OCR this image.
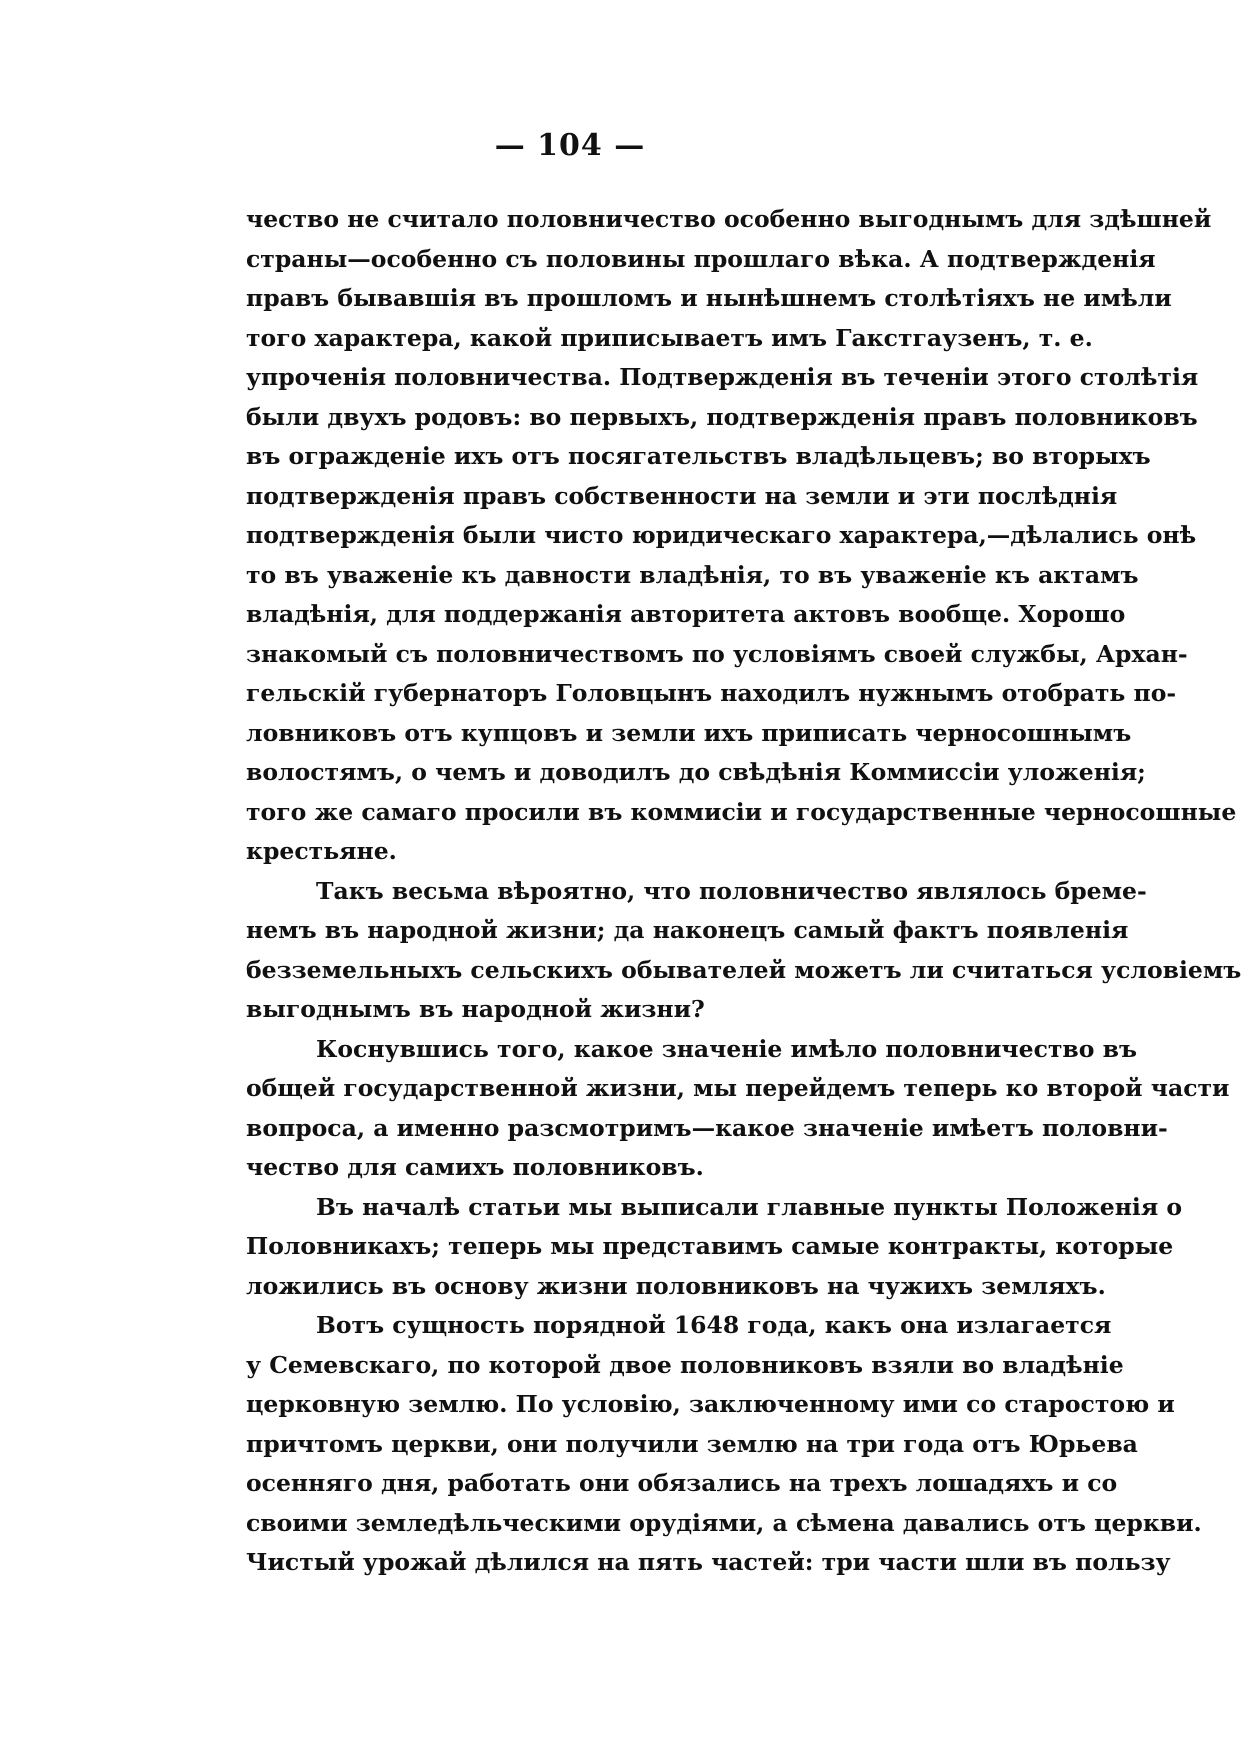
— 104 —

чество не считало половничество особенно выгоднымъ для здѣшней
страны—особенно съ половины прошлаго вѣка. А подтвержденія
правъ бывавшія въ прошломъ и нынѣшнемъ столѣтіяхъ не имѣли
того характера, какой приписываетъ имъ Гакстгаузенъ, т. е.
упроченія половничества. Подтвержденія въ теченіи этого столѣтія
были двухъ родовъ: во первыхъ, подтвержденія правъ половниковъ
въ огражденіе ихъ отъ посягательствъ владѣльцевъ; во вторыхъ
подтвержденія правъ собственности на земли и эти послѣднія
подтвержденія были чисто юридическаго характера,—дѣлались онѣ
то въ уваженіе къ давности владѣнія, то въ уваженіе къ актамъ
владѣнія, для поддержанія авторитета актовъ вообще. Хорошо
знакомый съ половничествомъ по условіямъ своей службы, Архан-
гельскій губернаторъ Головцынъ находилъ нужнымъ отобрать по-
ловниковъ отъ купцовъ и земли ихъ приписать черносошнымъ
волостямъ, о чемъ и доводилъ до свѣдѣнія Коммиссіи уложенія;
того же самаго просили въ коммисіи и государственные черносошные
крестьяне.

Такъ весьма вѣроятно, что половничество являлось бреме-
немъ въ народной жизни; да наконецъ самый фактъ появленія
безземельныхъ сельскихъ обывателей можетъ ли считаться условіемъ
выгоднымъ въ народной жизни?

Коснувшись того, какое значеніе имѣло половничество въ
общей государственной жизни, мы перейдемъ теперь ко второй части
вопроса, а именно разсмотримъ—какое значеніе имѣетъ половни-
чество для самихъ половниковъ.

Въ началѣ статьи мы выписали главные пункты Положенія о
Половникахъ; теперь мы представимъ самые контракты, которые
ложились въ основу жизни половниковъ на чужихъ земляхъ.

Вотъ сущность порядной 1648 года, какъ она излагается
у Семевскаго, по которой двое половниковъ взяли во владѣніе
церковную землю. По условію, заключенному ими со старостою и
причтомъ церкви, они получили землю на три года отъ Юрьева
осенняго дня, работать они обязались на трехъ лошадяхъ и со
своими земледѣльческими орудіями, а сѣмена давались отъ церкви.
Чистый урожай дѣлился на пять частей: три части шли въ пользу
